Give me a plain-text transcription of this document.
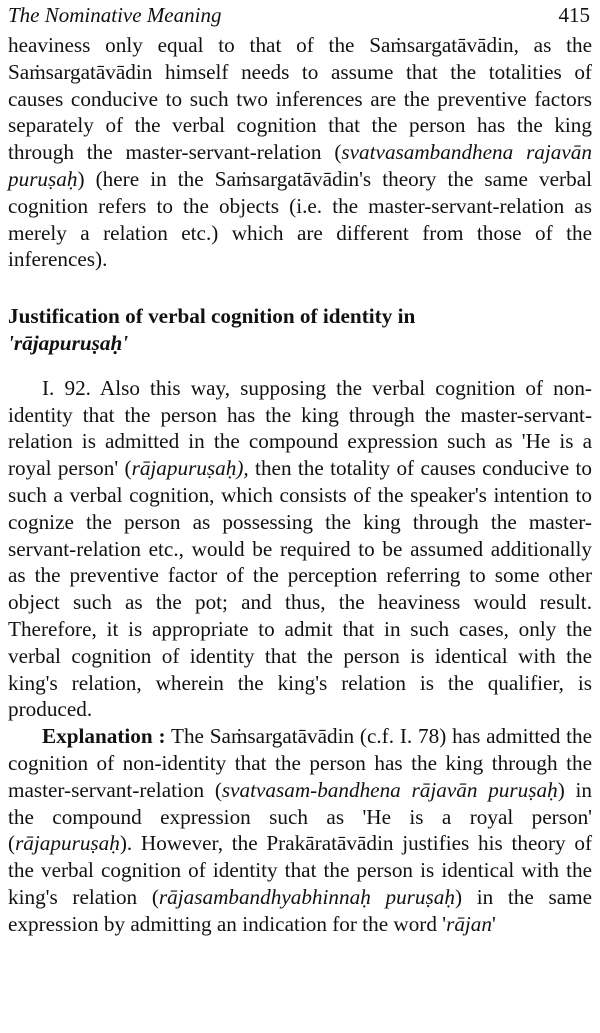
The Nominative Meaning	415

heaviness only equal to that of the Saṁsargatāvādin, as the Saṁsargatāvādin himself needs to assume that the totalities of causes conducive to such two inferences are the preventive factors separately of the verbal cognition that the person has the king through the master-servant-relation (svatvasambandhena rajavān puruṣaḥ) (here in the Saṁsargatāvādin's theory the same verbal cognition refers to the objects (i.e. the master-servant-relation as merely a relation etc.) which are different from those of the inferences).

Justification of verbal cognition of identity in
'rājapuruṣaḥ'

I. 92. Also this way, supposing the verbal cognition of non-identity that the person has the king through the master-servant-relation is admitted in the compound expression such as 'He is a royal person' (rājapuruṣaḥ), then the totality of causes conducive to such a verbal cognition, which consists of the speaker's intention to cognize the person as possessing the king through the master-servant-relation etc., would be required to be assumed additionally as the preventive factor of the perception referring to some other object such as the pot; and thus, the heaviness would result. Therefore, it is appropriate to admit that in such cases, only the verbal cognition of identity that the person is identical with the king's relation, wherein the king's relation is the qualifier, is produced.

Explanation : The Saṁsargatāvādin (c.f. I. 78) has admitted the cognition of non-identity that the person has the king through the master-servant-relation (svatvasam-bandhena rājavān puruṣaḥ) in the compound expression such as 'He is a royal person' (rājapuruṣaḥ). However, the Prakāratāvādin justifies his theory of the verbal cognition of identity that the person is identical with the king's relation (rājasambandhyabhinnaḥ puruṣaḥ) in the same expression by admitting an indication for the word 'rājan'
